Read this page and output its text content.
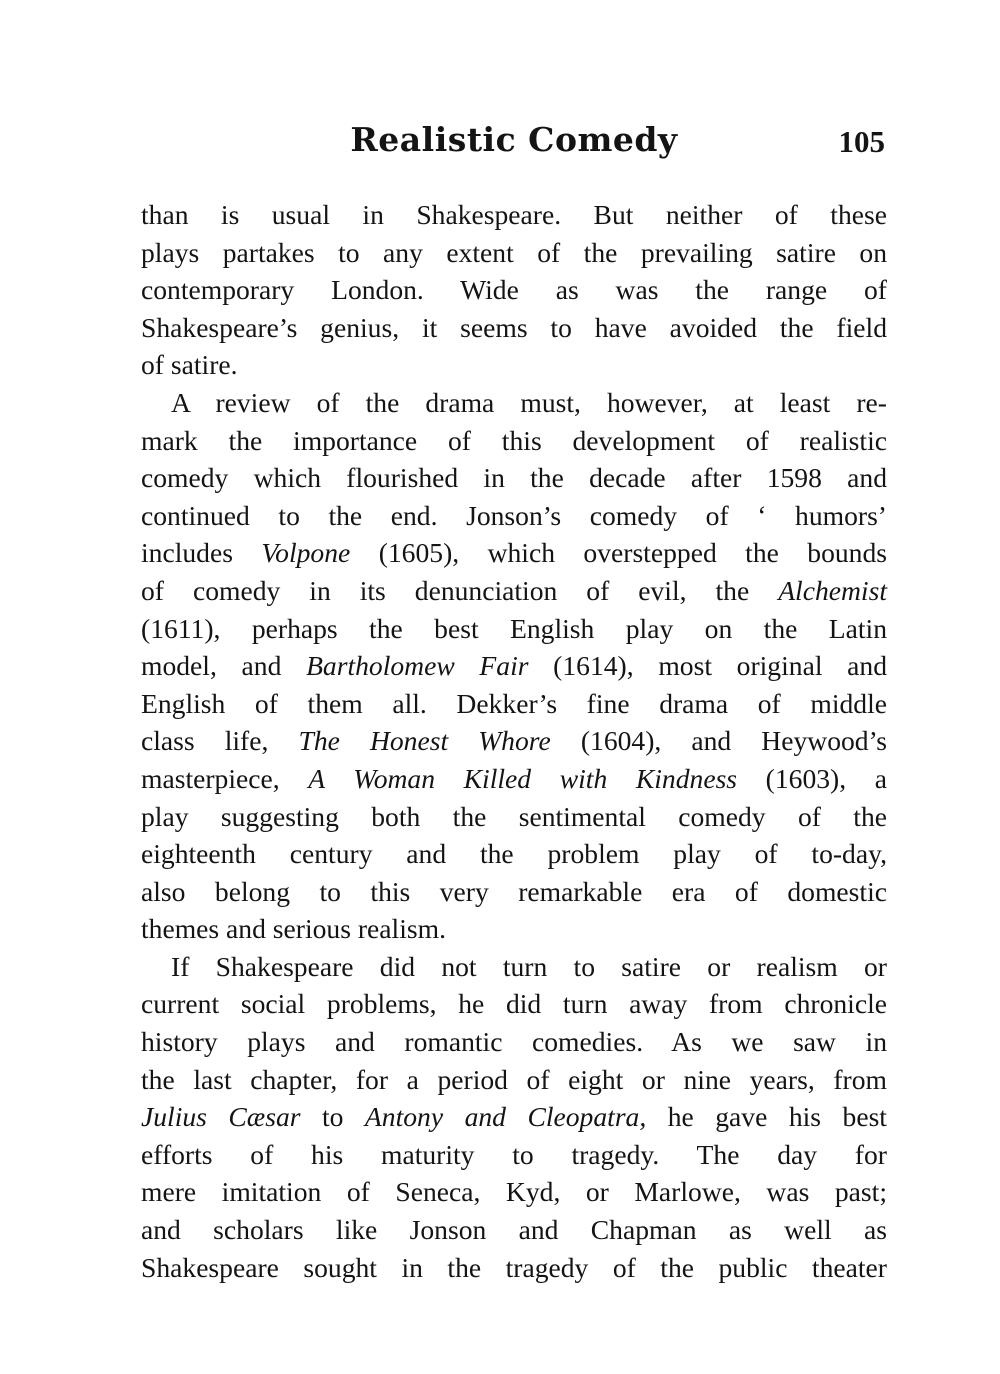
Realistic Comedy	105
than is usual in Shakespeare. But neither of these
plays partakes to any extent of the prevailing satire on
contemporary London. Wide as was the range of
Shakespeare’s genius, it seems to have avoided the field
of satire.
A review of the drama must, however, at least re-
mark the importance of this development of realistic
comedy which flourished in the decade after 1598 and
continued to the end. Jonson’s comedy of ‘ humors’
includes Volpone (1605), which overstepped the bounds
of comedy in its denunciation of evil, the Alchemist
(1611), perhaps the best English play on the Latin
model, and Bartholomew Fair (1614), most original and
English of them all. Dekker’s fine drama of middle
class life, The Honest Whore (1604), and Heywood’s
masterpiece, A Woman Killed with Kindness (1603), a
play suggesting both the sentimental comedy of the
eighteenth century and the problem play of to-day,
also belong to this very remarkable era of domestic
themes and serious realism.
If Shakespeare did not turn to satire or realism or
current social problems, he did turn away from chronicle
history plays and romantic comedies. As we saw in
the last chapter, for a period of eight or nine years, from
Julius Cæsar to Antony and Cleopatra, he gave his best
efforts of his maturity to tragedy. The day for
mere imitation of Seneca, Kyd, or Marlowe, was past;
and scholars like Jonson and Chapman as well as
Shakespeare sought in the tragedy of the public theater
